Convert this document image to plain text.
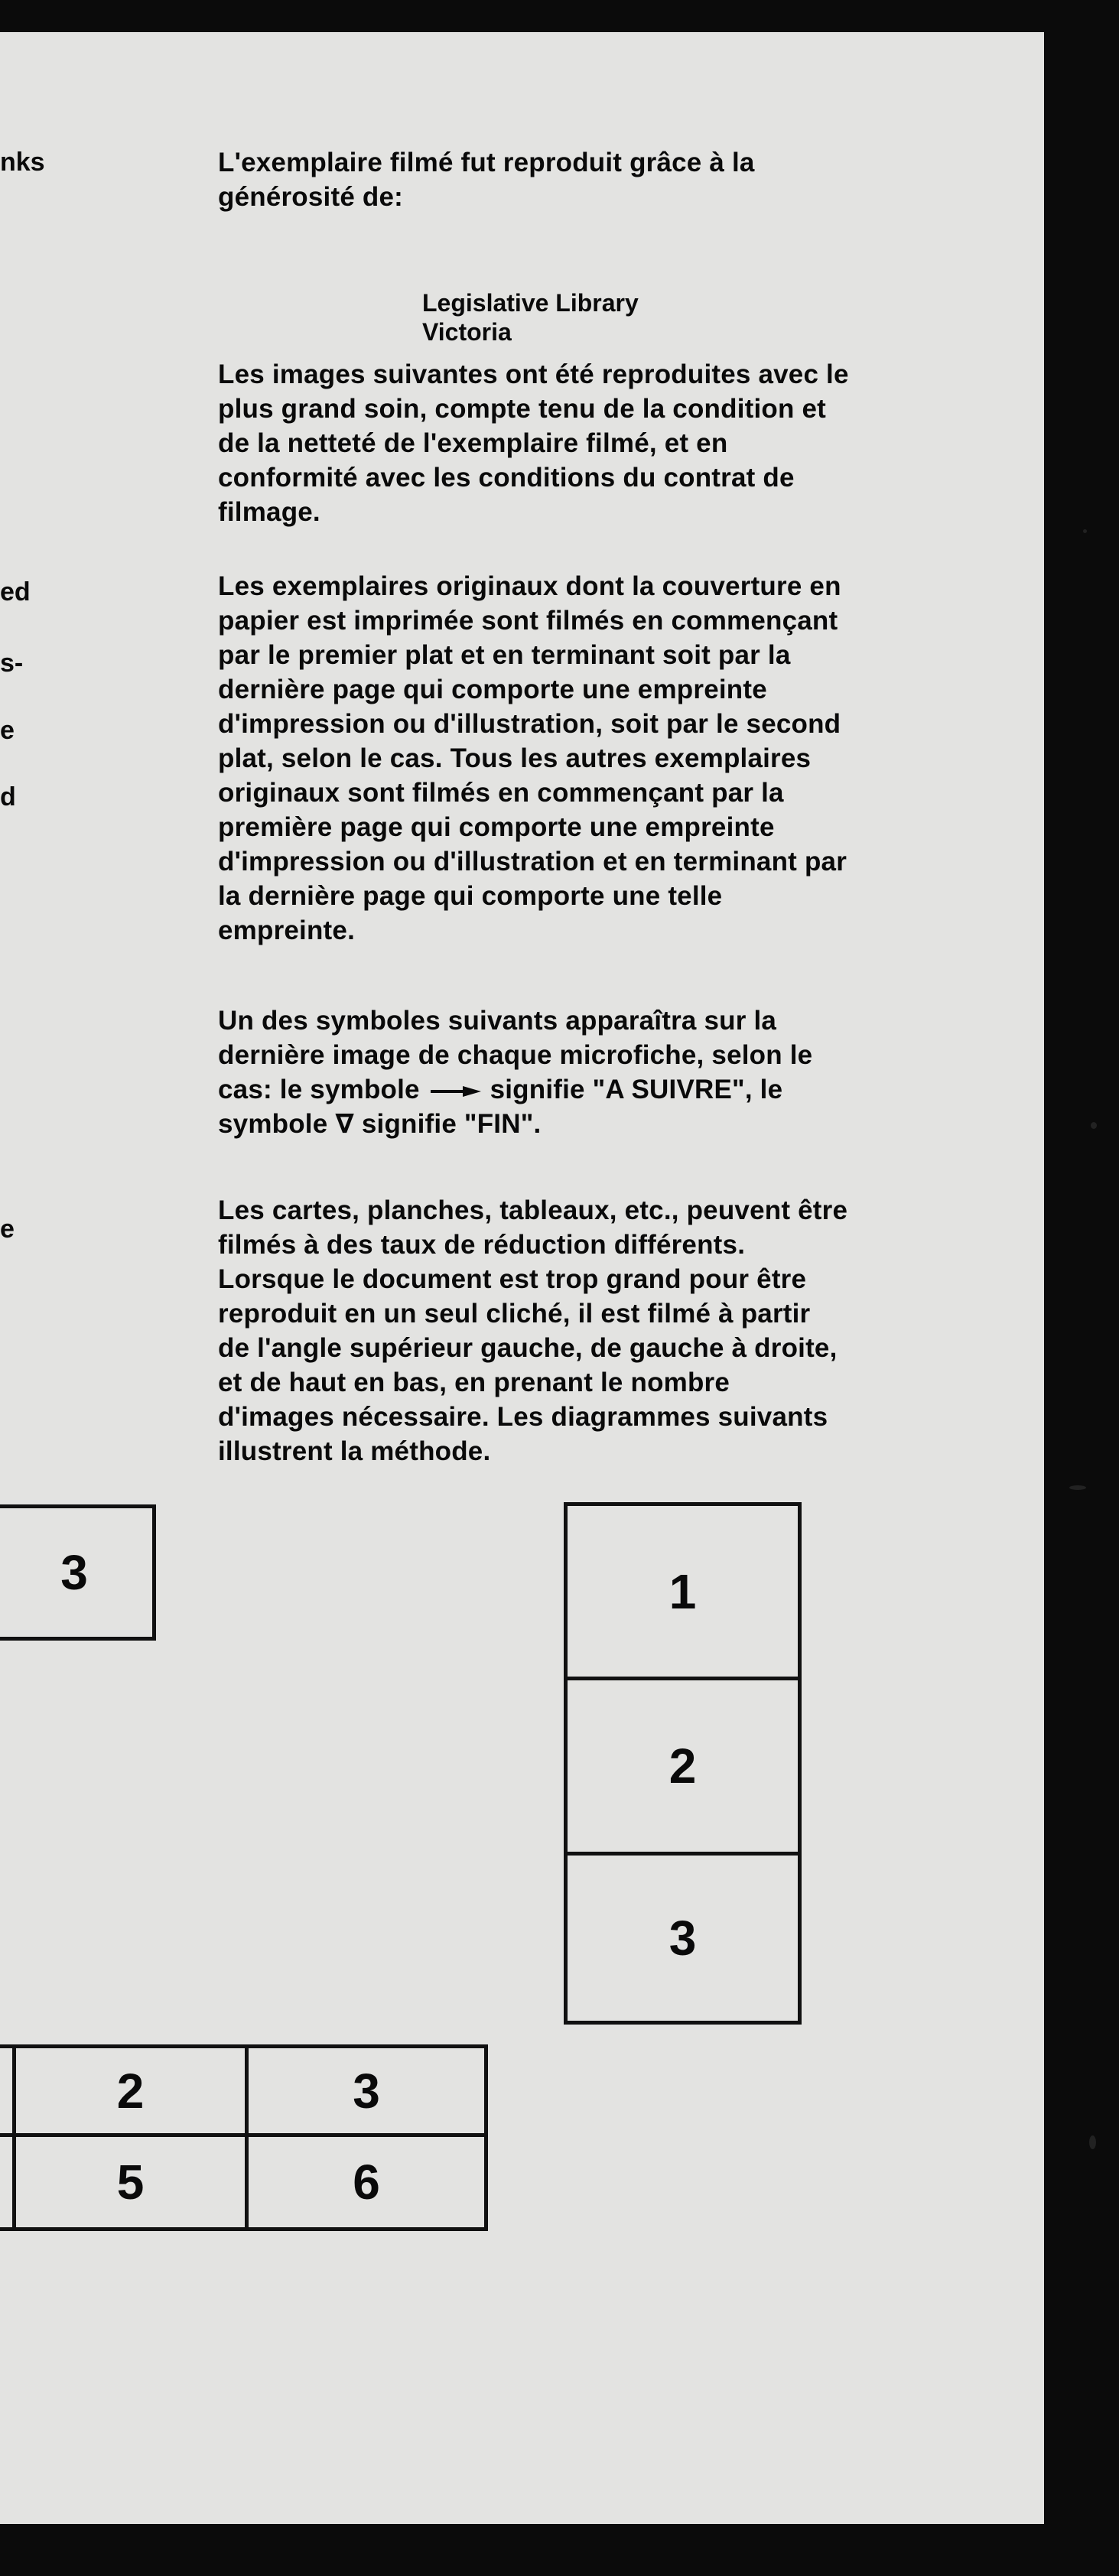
nks
ed
s-
e
d
e
L'exemplaire filmé fut reproduit grâce à la
générosité de:
Legislative Library
Victoria
Les images suivantes ont été reproduites avec le
plus grand soin, compte tenu de la condition et
de la netteté de l'exemplaire filmé, et en
conformité avec les conditions du contrat de
filmage.
Les exemplaires originaux dont la couverture en
papier est imprimée sont filmés en commençant
par le premier plat et en terminant soit par la
dernière page qui comporte une empreinte
d'impression ou d'illustration, soit par le second
plat, selon le cas. Tous les autres exemplaires
originaux sont filmés en commençant par la
première page qui comporte une empreinte
d'impression ou d'illustration et en terminant par
la dernière page qui comporte une telle
empreinte.
Un des symboles suivants apparaîtra sur la
dernière image de chaque microfiche, selon le
cas: le symbole	signifie "A SUIVRE", le
symbole ∇ signifie "FIN".
Les cartes, planches, tableaux, etc., peuvent être
filmés à des taux de réduction différents.
Lorsque le document est trop grand pour être
reproduit en un seul cliché, il est filmé à partir
de l'angle supérieur gauche, de gauche à droite,
et de haut en bas, en prenant le nombre
d'images nécessaire. Les diagrammes suivants
illustrent la méthode.
3	1
2
3
2	3
5	6
